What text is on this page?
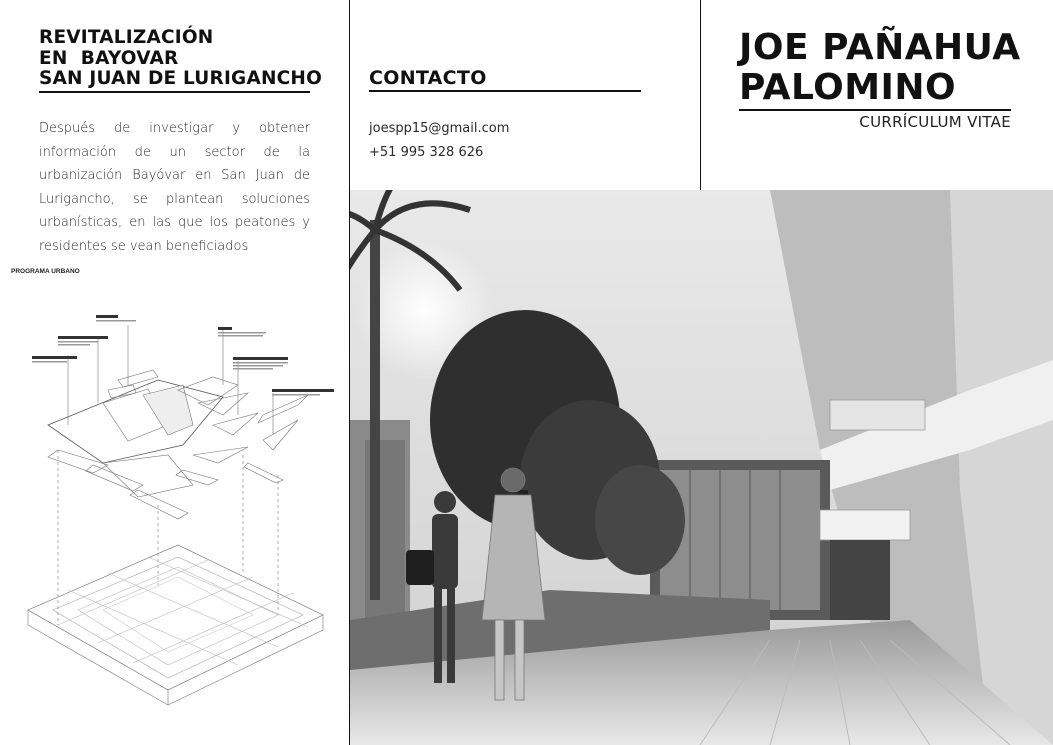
REVITALIZACIÓN
EN  BAYOVAR
SAN JUAN DE LURIGANCHO

Después de investigar y obtener información de un sector de la urbanización Bayóvar en San Juan de Lurigancho, se plantean soluciones urbanísticas, en las que los peatones y residentes se vean beneficiados

PROGRAMA URBANO
CONTACTO
joespp15@gmail.com
+51 995 328 626
JOE PAÑAHUA
PALOMINO
CURRÍCULUM VITAE
